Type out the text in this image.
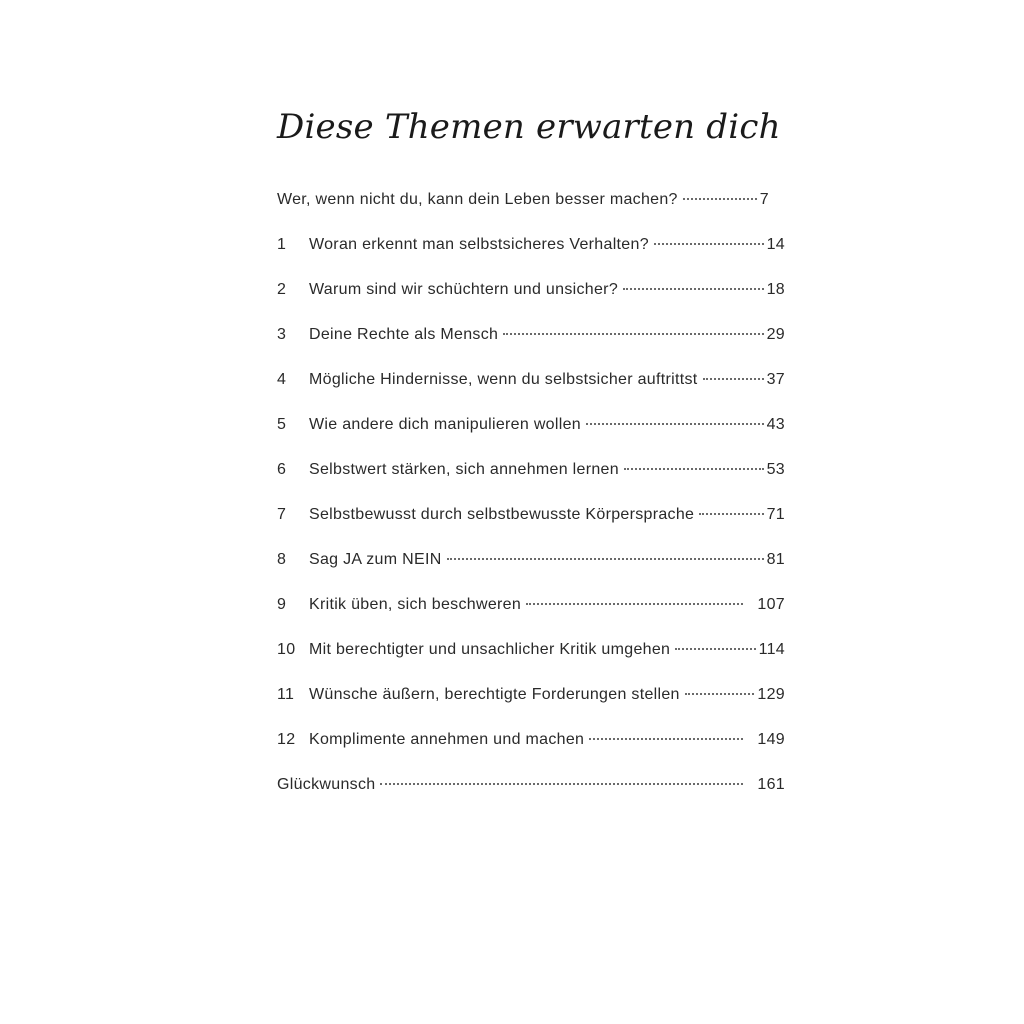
Diese Themen erwarten dich
Wer, wenn nicht du, kann dein Leben besser machen?	7
1	Woran erkennt man selbstsicheres Verhalten?	14
2	Warum sind wir schüchtern und unsicher?	18
3	Deine Rechte als Mensch	29
4	Mögliche Hindernisse, wenn du selbstsicher auftrittst	37
5	Wie andere dich manipulieren wollen	43
6	Selbstwert stärken, sich annehmen lernen	53
7	Selbstbewusst durch selbstbewusste Körpersprache	71
8	Sag JA zum NEIN	81
9	Kritik üben, sich beschweren	107
10 Mit berechtigter und unsachlicher Kritik umgehen	114
11 Wünsche äußern, berechtigte Forderungen stellen	129
12 Komplimente annehmen und machen	149
Glückwunsch	161
